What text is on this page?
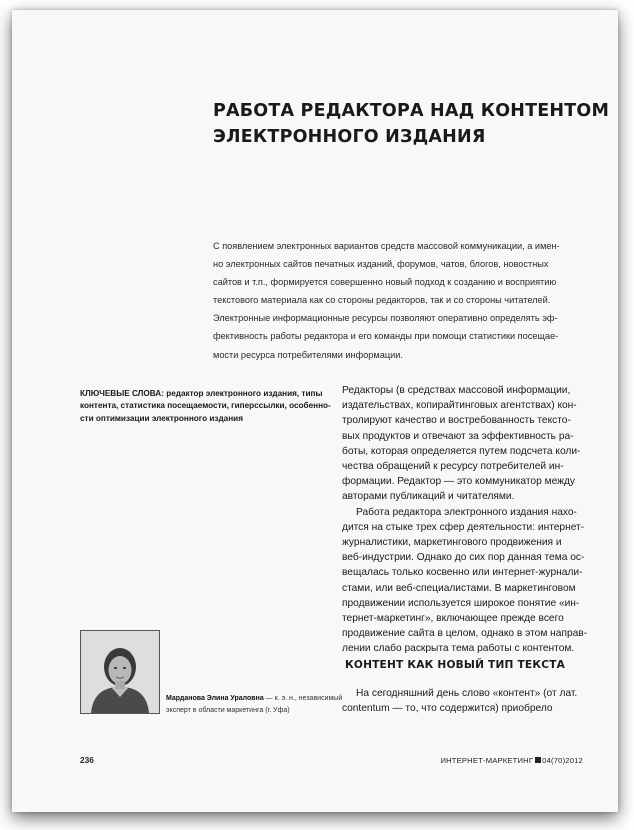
РАБОТА РЕДАКТОРА НАД КОНТЕНТОМ
ЭЛЕКТРОННОГО ИЗДАНИЯ
С появлением электронных вариантов средств массовой коммуникации, а имен-
но электронных сайтов печатных изданий, форумов, чатов, блогов, новостных
сайтов и т.п., формируется совершенно новый подход к созданию и восприятию
текстового материала как со стороны редакторов, так и со стороны читателей.
Электронные информационные ресурсы позволяют оперативно определять эф-
фективность работы редактора и его команды при помощи статистики посещае-
мости ресурса потребителями информации.
КЛЮЧЕВЫЕ СЛОВА: редактор электронного издания, типы
контента, статистика посещаемости, гиперссылки, особенно-
сти оптимизации электронного издания
Редакторы (в средствах массовой информации,
издательствах, копирайтинговых агентствах) кон-
тролируют качество и востребованность тексто-
вых продуктов и отвечают за эффективность ра-
боты, которая определяется путем подсчета коли-
чества обращений к ресурсу потребителей ин-
формации. Редактор — это коммуникатор между
авторами публикаций и читателями.
Работа редактора электронного издания нахо-
дится на стыке трех сфер деятельности: интернет-
журналистики, маркетингового продвижения и
веб-индустрии. Однако до сих пор данная тема ос-
вещалась только косвенно или интернет-журнали-
стами, или веб-специалистами. В маркетинговом
продвижении используется широкое понятие «ин-
тернет-маркетинг», включающее прежде всего
продвижение сайта в целом, однако в этом направ-
лении слабо раскрыта тема работы с контентом.
КОНТЕНТ КАК НОВЫЙ ТИП ТЕКСТА
На сегодняшний день слово «контент» (от лат.
contentum — то, что содержится) приобрело
Марданова Элина Ураловна — к. э. н., независимый
эксперт в области маркетинга (г. Уфа)
236	ИНТЕРНЕТ-МАРКЕТИНГ 04(70)2012
